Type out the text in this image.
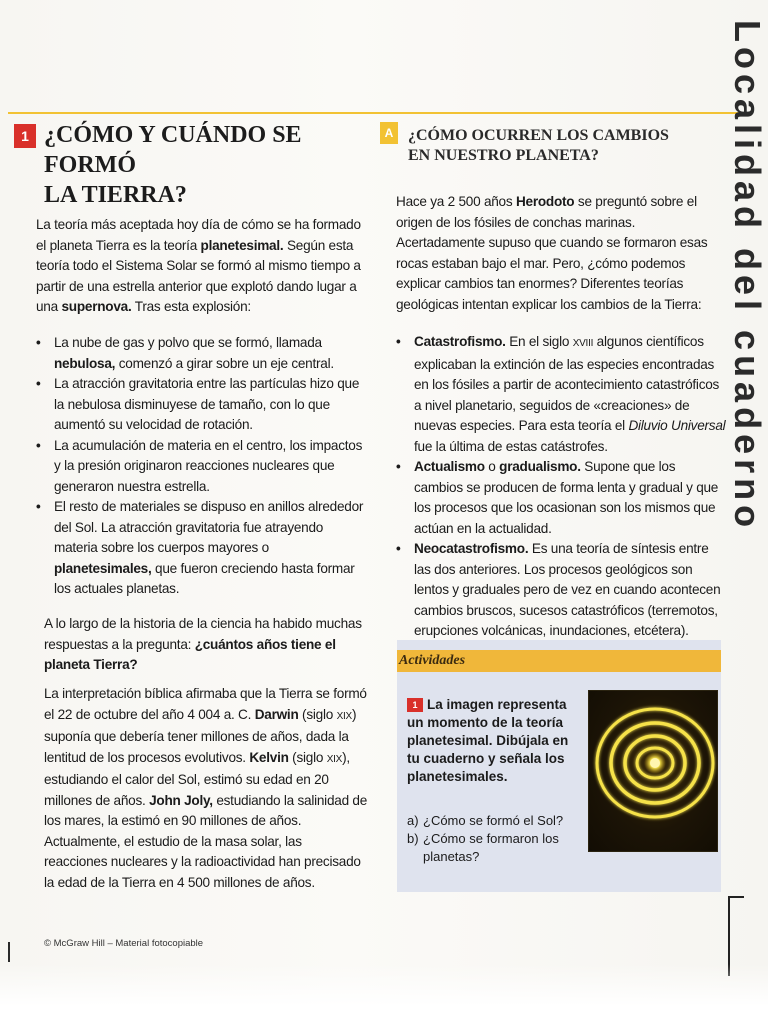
Localidad del cuaderno
1 ¿CÓMO Y CUÁNDO SE FORMÓ
LA TIERRA?

La teoría más aceptada hoy día de cómo se ha formado el planeta Tierra es la teoría planetesimal. Según esta teoría todo el Sistema Solar se formó al mismo tiempo a partir de una estrella anterior que explotó dando lugar a una supernova. Tras esta explosión:

• La nube de gas y polvo que se formó, llamada nebulosa, comenzó a girar sobre un eje central.
• La atracción gravitatoria entre las partículas hizo que la nebulosa disminuyese de tamaño, con lo que aumentó su velocidad de rotación.
• La acumulación de materia en el centro, los impactos y la presión originaron reacciones nucleares que generaron nuestra estrella.
• El resto de materiales se dispuso en anillos alrededor del Sol. La atracción gravitatoria fue atrayendo materia sobre los cuerpos mayores o planetesimales, que fueron creciendo hasta formar los actuales planetas.

A lo largo de la historia de la ciencia ha habido muchas respuestas a la pregunta: ¿cuántos años tiene el planeta Tierra?

La interpretación bíblica afirmaba que la Tierra se formó el 22 de octubre del año 4 004 a. C. Darwin (siglo XIX) suponía que debería tener millones de años, dada la lentitud de los procesos evolutivos. Kelvin (siglo XIX), estudiando el calor del Sol, estimó su edad en 20 millones de años. John Joly, estudiando la salinidad de los mares, la estimó en 90 millones de años. Actualmente, el estudio de la masa solar, las reacciones nucleares y la radioactividad han precisado la edad de la Tierra en 4 500 millones de años.

A ¿CÓMO OCURREN LOS CAMBIOS
EN NUESTRO PLANETA?

Hace ya 2 500 años Herodoto se preguntó sobre el origen de los fósiles de conchas marinas. Acertadamente supuso que cuando se formaron esas rocas estaban bajo el mar. Pero, ¿cómo podemos explicar cambios tan enormes? Diferentes teorías geológicas intentan explicar los cambios de la Tierra:

• Catastrofismo. En el siglo XVIII algunos científicos explicaban la extinción de las especies encontradas en los fósiles a partir de acontecimiento catastróficos a nivel planetario, seguidos de «creaciones» de nuevas especies. Para esta teoría el Diluvio Universal fue la última de estas catástrofes.
• Actualismo o gradualismo. Supone que los cambios se producen de forma lenta y gradual y que los procesos que los ocasionan son los mismos que actúan en la actualidad.
• Neocatastrofismo. Es una teoría de síntesis entre las dos anteriores. Los procesos geológicos son lentos y graduales pero de vez en cuando acontecen cambios bruscos, sucesos catastróficos (terremotos, erupciones volcánicas, inundaciones, etcétera).
Actividades
1 La imagen representa un momento de la teoría planetesimal. Dibújala en tu cuaderno y señala los planetesimales.
a) ¿Cómo se formó el Sol?
b) ¿Cómo se formaron los planetas?
© McGraw Hill – Material fotocopiable
